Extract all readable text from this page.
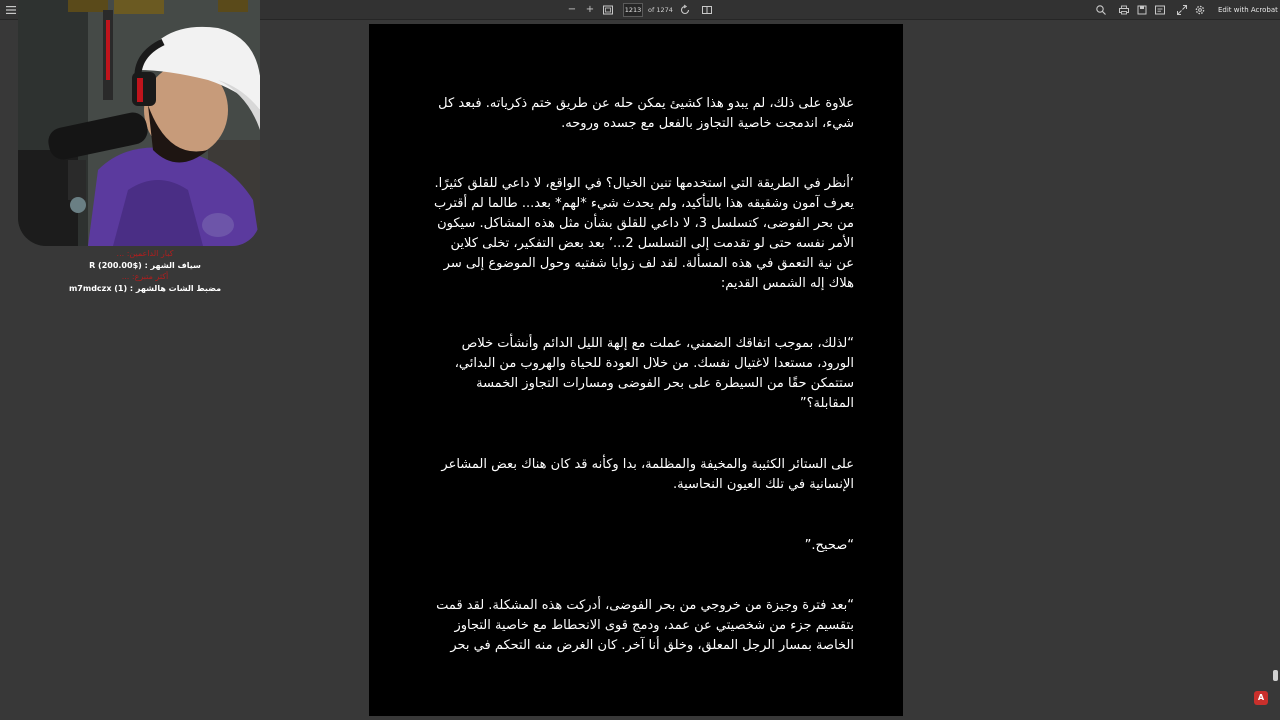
− +	1213 of 1274	Edit with Acrobat
كبار الداعمين: ...
سياف الشهر : ($200.00) R
أكثر متبرع: ...
مضبط الشات هالشهر : m7mdczx (1)

علاوة على ذلك، لم يبدو هذا كشيئ يمكن حله عن طريق ختم ذكرياته. فبعد كل شيء، اندمجت خاصية التجاوز بالفعل مع جسده وروحه.

‘أنظر في الطريقة التي استخدمها تنين الخيال؟ في الواقع، لا داعي للقلق كثيرًا. يعرف آمون وشقيقه هذا بالتأكيد، ولم يحدث شيء *لهم* بعد... طالما لم أقترب من بحر الفوضى، كتسلسل 3، لا داعي للقلق بشأن مثل هذه المشاكل. سيكون الأمر نفسه حتى لو تقدمت إلى التسلسل 2...’ بعد بعض التفكير، تخلى كلاين عن نية التعمق في هذه المسألة. لقد لف زوايا شفتيه وحول الموضوع إلى سر هلاك إله الشمس القديم:

“لذلك، بموجب اتفاقك الضمني، عملت مع إلهة الليل الدائم وأنشأت خلاص الورود، مستعدا لاغتيال نفسك. من خلال العودة للحياة والهروب من البدائي، ستتمكن حقًا من السيطرة على بحر الفوضى ومسارات التجاوز الخمسة المقابلة؟”

على الستائر الكثيبة والمخيفة والمظلمة، بدا وكأنه قد كان هناك بعض المشاعر الإنسانية في تلك العيون النحاسية.

“صحيح.”

“بعد فترة وجيزة من خروجي من بحر الفوضى، أدركت هذه المشكلة. لقد قمت بتقسيم جزء من شخصيتي عن عمد، ودمج قوى الانحطاط مع خاصية التجاوز الخاصة بمسار الرجل المعلق، وخلق أنا آخر. كان الغرض منه التحكم في بحر

A
